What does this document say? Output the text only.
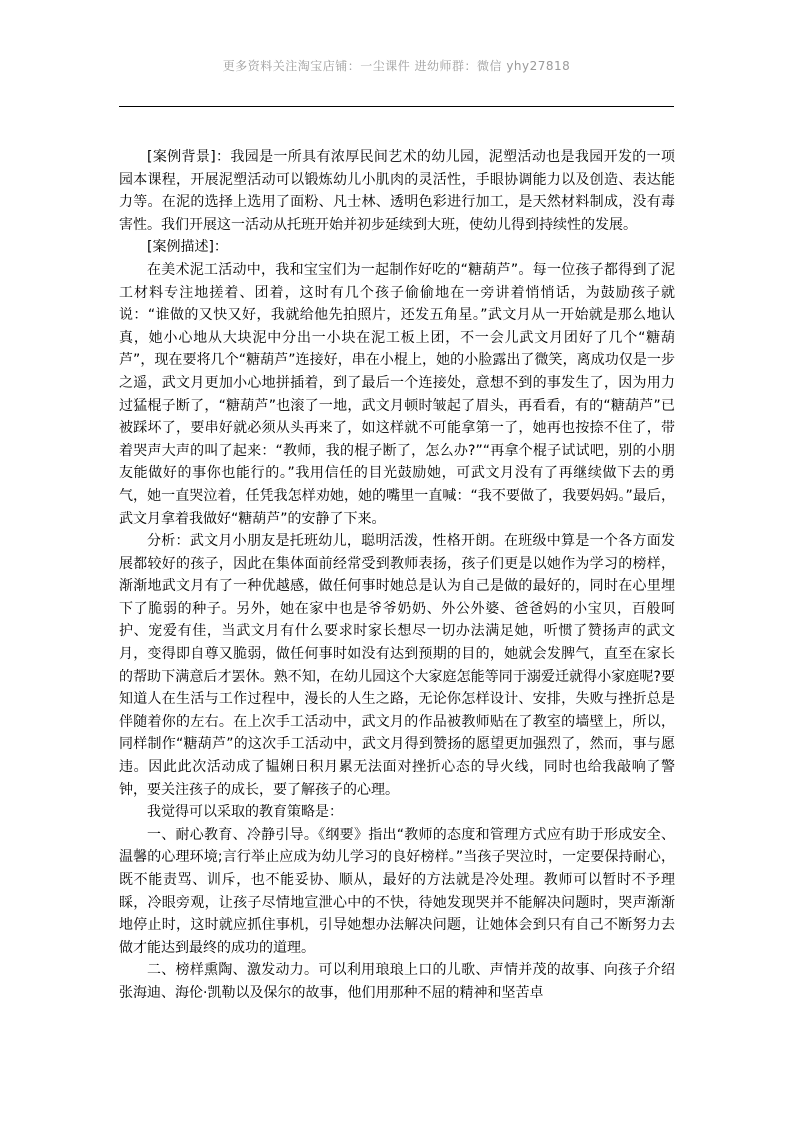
更多资料关注淘宝店铺：一尘课件 进幼师群：微信 yhy27818

[案例背景]：我园是一所具有浓厚民间艺术的幼儿园，泥塑活动也是我园开发的一项园本课程，开展泥塑活动可以锻炼幼儿小肌肉的灵活性，手眼协调能力以及创造、表达能力等。在泥的选择上选用了面粉、凡士林、透明色彩进行加工，是天然材料制成，没有毒害性。我们开展这一活动从托班开始并初步延续到大班，使幼儿得到持续性的发展。

[案例描述]：

在美术泥工活动中，我和宝宝们为一起制作好吃的“糖葫芦”。每一位孩子都得到了泥工材料专注地搓着、团着，这时有几个孩子偷偷地在一旁讲着悄悄话，为鼓励孩子就说：“谁做的又快又好，我就给他先拍照片，还发五角星。”武文月从一开始就是那么地认真，她小心地从大块泥中分出一小块在泥工板上团，不一会儿武文月团好了几个“糖葫芦”，现在要将几个“糖葫芦”连接好，串在小棍上，她的小脸露出了微笑，离成功仅是一步之遥，武文月更加小心地拼插着，到了最后一个连接处，意想不到的事发生了，因为用力过猛棍子断了，“糖葫芦”也滚了一地，武文月顿时皱起了眉头，再看看，有的“糖葫芦”已被踩坏了，要串好就必须从头再来了，如这样就不可能拿第一了，她再也按捺不住了，带着哭声大声的叫了起来：“教师，我的棍子断了，怎么办?”“再拿个棍子试试吧，别的小朋友能做好的事你也能行的。”我用信任的目光鼓励她，可武文月没有了再继续做下去的勇气，她一直哭泣着，任凭我怎样劝她，她的嘴里一直喊：“我不要做了，我要妈妈。”最后，武文月拿着我做好“糖葫芦”的安静了下来。

分析：武文月小朋友是托班幼儿，聪明活泼，性格开朗。在班级中算是一个各方面发展都较好的孩子，因此在集体面前经常受到教师表扬，孩子们更是以她作为学习的榜样，渐渐地武文月有了一种优越感，做任何事时她总是认为自己是做的最好的，同时在心里埋下了脆弱的种子。另外，她在家中也是爷爷奶奶、外公外婆、爸爸妈的小宝贝，百般呵护、宠爱有佳，当武文月有什么要求时家长想尽一切办法满足她，听惯了赞扬声的武文月，变得即自尊又脆弱，做任何事时如没有达到预期的目的，她就会发脾气，直至在家长的帮助下满意后才罢休。熟不知，在幼儿园这个大家庭怎能等同于溺爱迁就得小家庭呢?要知道人在生活与工作过程中，漫长的人生之路，无论你怎样设计、安排，失败与挫折总是伴随着你的左右。在上次手工活动中，武文月的作品被教师贴在了教室的墙壁上，所以，同样制作“糖葫芦”的这次手工活动中，武文月得到赞扬的愿望更加强烈了，然而，事与愿违。因此此次活动成了韫娳日积月累无法面对挫折心态的导火线，同时也给我敲响了警钟，要关注孩子的成长，要了解孩子的心理。

我觉得可以采取的教育策略是：

一、耐心教育、冷静引导。《纲要》指出“教师的态度和管理方式应有助于形成安全、温馨的心理环境;言行举止应成为幼儿学习的良好榜样。”当孩子哭泣时，一定要保持耐心，既不能责骂、训斥，也不能妥协、顺从，最好的方法就是冷处理。教师可以暂时不予理睬，冷眼旁观，让孩子尽情地宣泄心中的不快，待她发现哭并不能解决问题时，哭声渐渐地停止时，这时就应抓住事机，引导她想办法解决问题，让她体会到只有自己不断努力去做才能达到最终的成功的道理。

二、榜样熏陶、激发动力。可以利用琅琅上口的儿歌、声情并茂的故事、向孩子介绍张海迪、海伦·凯勒以及保尔的故事，他们用那种不屈的精神和坚苦卓
